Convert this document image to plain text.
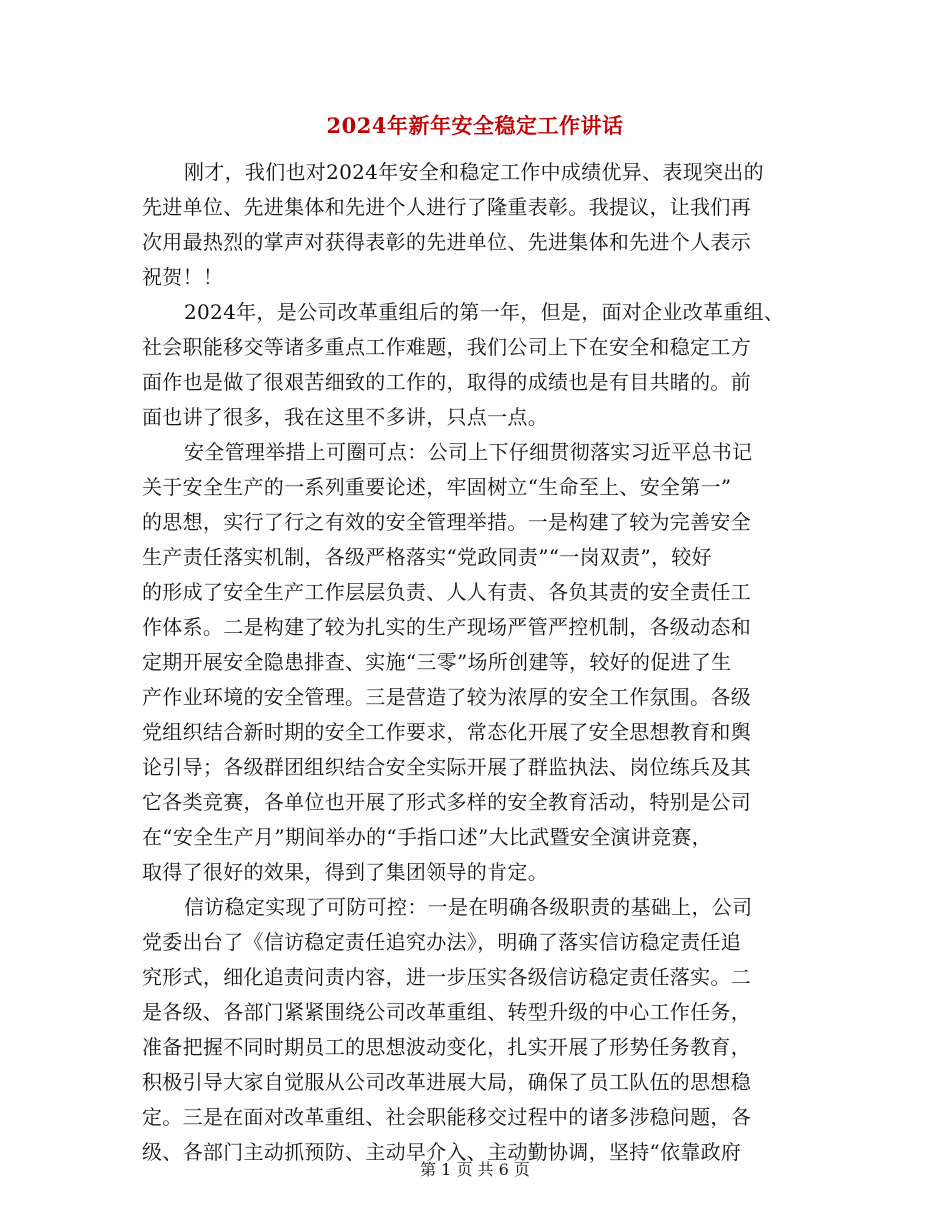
2024年新年安全稳定工作讲话

刚才，我们也对2024年安全和稳定工作中成绩优异、表现突出的
先进单位、先进集体和先进个人进行了隆重表彰。我提议，让我们再
次用最热烈的掌声对获得表彰的先进单位、先进集体和先进个人表示
祝贺！！

2024年，是公司改革重组后的第一年，但是，面对企业改革重组、
社会职能移交等诸多重点工作难题，我们公司上下在安全和稳定工方
面作也是做了很艰苦细致的工作的，取得的成绩也是有目共睹的。前
面也讲了很多，我在这里不多讲，只点一点。

安全管理举措上可圈可点：公司上下仔细贯彻落实习近平总书记
关于安全生产的一系列重要论述，牢固树立“生命至上、安全第一”
的思想，实行了行之有效的安全管理举措。一是构建了较为完善安全
生产责任落实机制，各级严格落实“党政同责”“一岗双责”，较好
的形成了安全生产工作层层负责、人人有责、各负其责的安全责任工
作体系。二是构建了较为扎实的生产现场严管严控机制，各级动态和
定期开展安全隐患排查、实施“三零”场所创建等，较好的促进了生
产作业环境的安全管理。三是营造了较为浓厚的安全工作氛围。各级
党组织结合新时期的安全工作要求，常态化开展了安全思想教育和舆
论引导；各级群团组织结合安全实际开展了群监执法、岗位练兵及其
它各类竞赛，各单位也开展了形式多样的安全教育活动，特别是公司
在“安全生产月”期间举办的“手指口述”大比武暨安全演讲竞赛，
取得了很好的效果，得到了集团领导的肯定。

信访稳定实现了可防可控：一是在明确各级职责的基础上，公司
党委出台了《信访稳定责任追究办法》，明确了落实信访稳定责任追
究形式，细化追责问责内容，进一步压实各级信访稳定责任落实。二
是各级、各部门紧紧围绕公司改革重组、转型升级的中心工作任务，
准备把握不同时期员工的思想波动变化，扎实开展了形势任务教育，
积极引导大家自觉服从公司改革进展大局，确保了员工队伍的思想稳
定。三是在面对改革重组、社会职能移交过程中的诸多涉稳问题，各
级、各部门主动抓预防、主动早介入、主动勤协调，坚持“依靠政府

第 1 页 共 6 页
